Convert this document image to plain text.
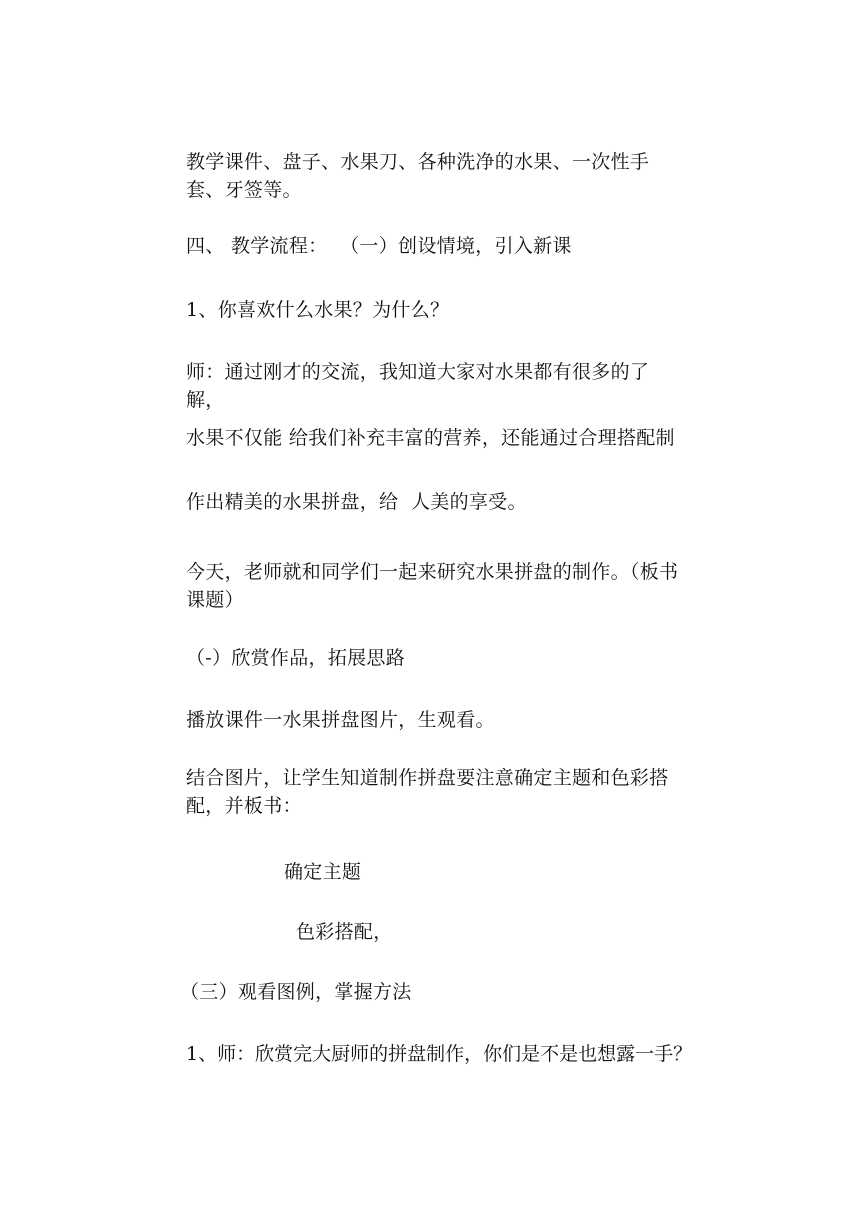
教学课件、盘子、水果刀、各种洗净的水果、一次性手套、牙签等。
四、 教学流程：  （一）创设情境，引入新课
1、你喜欢什么水果？为什么？
师：通过刚才的交流，我知道大家对水果都有很多的了解，
水果不仅能 给我们补充丰富的营养，还能通过合理搭配制
作出精美的水果拼盘，给  人美的享受。
今天，老师就和同学们一起来研究水果拼盘的制作。（板书课题）
（-）欣赏作品，拓展思路
播放课件一水果拼盘图片，生观看。
结合图片，让学生知道制作拼盘要注意确定主题和色彩搭配，并板书：
确定主题
色彩搭配，
（三）观看图例，掌握方法
1、师：欣赏完大厨师的拼盘制作，你们是不是也想露一手？
